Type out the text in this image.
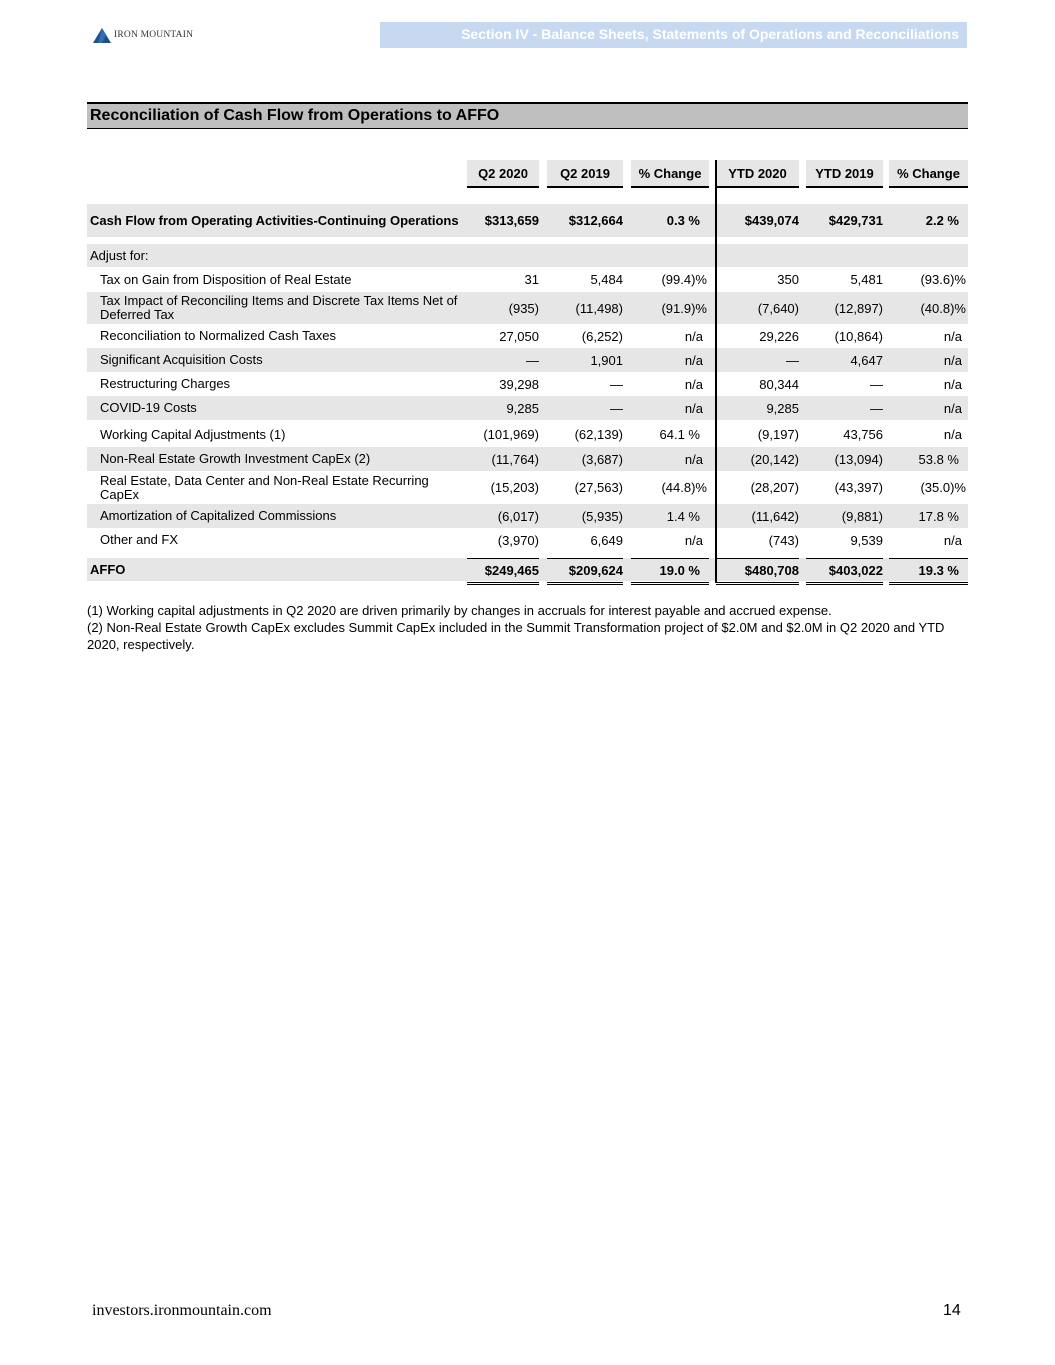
IRON MOUNTAIN	Section IV - Balance Sheets, Statements of Operations and Reconciliations
Reconciliation of Cash Flow from Operations to AFFO
Q2 2020	Q2 2019	% Change	YTD 2020	YTD 2019	% Change
Cash Flow from Operating Activities-Continuing Operations	$313,659	$312,664	0.3 %	$439,074	$429,731	2.2 %
Adjust for:
Tax on Gain from Disposition of Real Estate	31	5,484	(99.4)%	350	5,481	(93.6)%
Tax Impact of Reconciling Items and Discrete Tax Items Net of Deferred Tax	(935)	(11,498)	(91.9)%	(7,640)	(12,897)	(40.8)%
Reconciliation to Normalized Cash Taxes	27,050	(6,252)	n/a	29,226	(10,864)	n/a
Significant Acquisition Costs	—	1,901	n/a	—	4,647	n/a
Restructuring Charges	39,298	—	n/a	80,344	—	n/a
COVID-19 Costs	9,285	—	n/a	9,285	—	n/a
Working Capital Adjustments (1)	(101,969)	(62,139)	64.1 %	(9,197)	43,756	n/a
Non-Real Estate Growth Investment CapEx (2)	(11,764)	(3,687)	n/a	(20,142)	(13,094)	53.8 %
Real Estate, Data Center and Non-Real Estate Recurring CapEx	(15,203)	(27,563)	(44.8)%	(28,207)	(43,397)	(35.0)%
Amortization of Capitalized Commissions	(6,017)	(5,935)	1.4 %	(11,642)	(9,881)	17.8 %
Other and FX	(3,970)	6,649	n/a	(743)	9,539	n/a
AFFO	$249,465	$209,624	19.0 %	$480,708	$403,022	19.3 %

(1) Working capital adjustments in Q2 2020 are driven primarily by changes in accruals for interest payable and accrued expense.

(2) Non-Real Estate Growth CapEx excludes Summit CapEx included in the Summit Transformation project of $2.0M and $2.0M in Q2 2020 and YTD 2020, respectively.

investors.ironmountain.com	14
